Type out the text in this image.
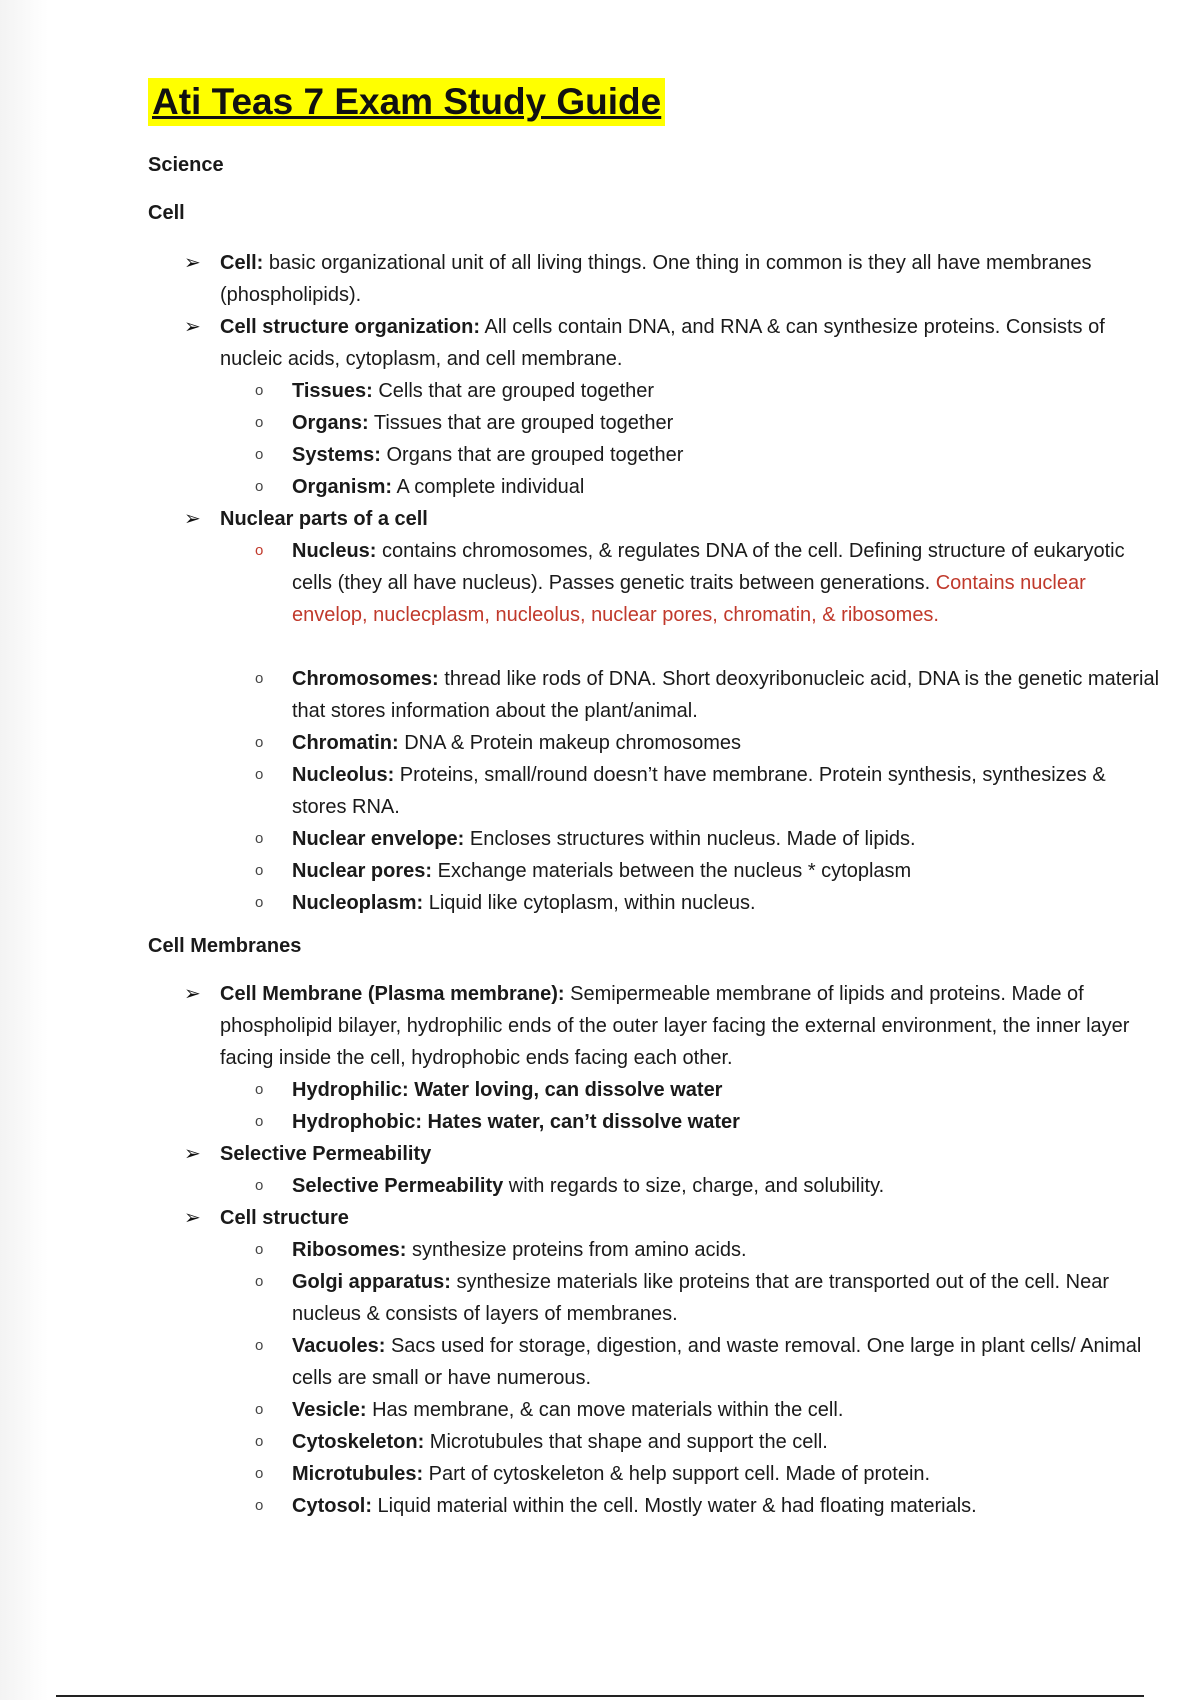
Ati Teas 7 Exam Study Guide
Science
Cell
➢ Cell: basic organizational unit of all living things. One thing in common is they all have membranes (phospholipids).
➢ Cell structure organization: All cells contain DNA, and RNA & can synthesize proteins. Consists of nucleic acids, cytoplasm, and cell membrane.
o Tissues: Cells that are grouped together
o Organs: Tissues that are grouped together
o Systems: Organs that are grouped together
o Organism: A complete individual
➢ Nuclear parts of a cell
o Nucleus: contains chromosomes, & regulates DNA of the cell. Defining structure of eukaryotic cells (they all have nucleus). Passes genetic traits between generations. Contains nuclear envelop, nuclecplasm, nucleolus, nuclear pores, chromatin, & ribosomes.
o Chromosomes: thread like rods of DNA. Short deoxyribonucleic acid, DNA is the genetic material that stores information about the plant/animal.
o Chromatin: DNA & Protein makeup chromosomes
o Nucleolus: Proteins, small/round doesn’t have membrane. Protein synthesis, synthesizes & stores RNA.
o Nuclear envelope: Encloses structures within nucleus. Made of lipids.
o Nuclear pores: Exchange materials between the nucleus * cytoplasm
o Nucleoplasm: Liquid like cytoplasm, within nucleus.
Cell Membranes
➢ Cell Membrane (Plasma membrane): Semipermeable membrane of lipids and proteins. Made of phospholipid bilayer, hydrophilic ends of the outer layer facing the external environment, the inner layer facing inside the cell, hydrophobic ends facing each other.
o Hydrophilic: Water loving, can dissolve water
o Hydrophobic: Hates water, can’t dissolve water
➢ Selective Permeability
o Selective Permeability with regards to size, charge, and solubility.
➢ Cell structure
o Ribosomes: synthesize proteins from amino acids.
o Golgi apparatus: synthesize materials like proteins that are transported out of the cell. Near nucleus & consists of layers of membranes.
o Vacuoles: Sacs used for storage, digestion, and waste removal. One large in plant cells/ Animal cells are small or have numerous.
o Vesicle: Has membrane, & can move materials within the cell.
o Cytoskeleton: Microtubules that shape and support the cell.
o Microtubules: Part of cytoskeleton & help support cell. Made of protein.
o Cytosol: Liquid material within the cell. Mostly water & had floating materials.
